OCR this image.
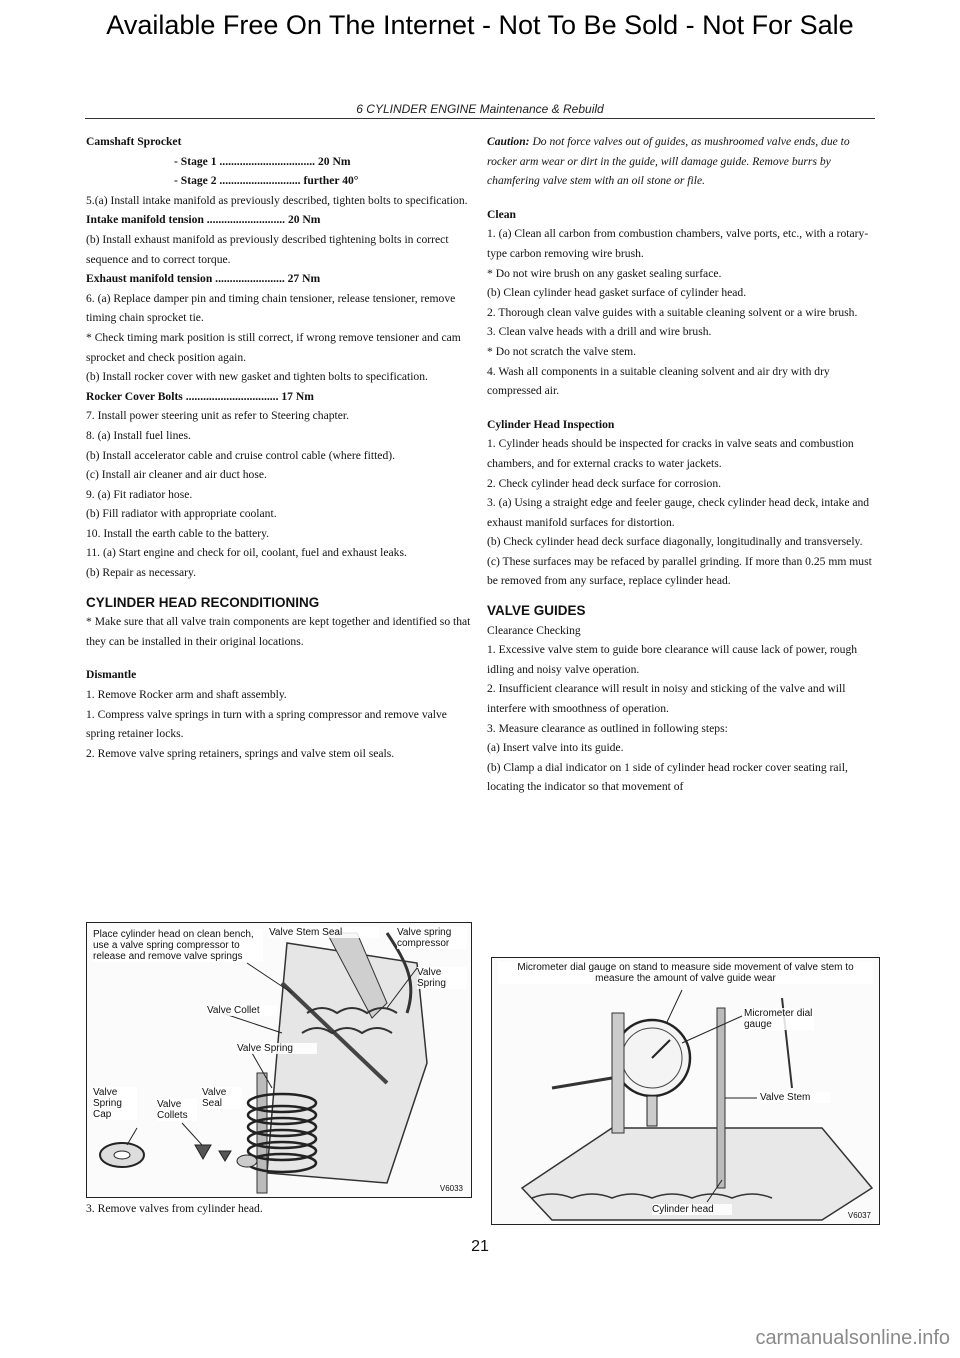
Available Free On The Internet - Not To Be Sold - Not For Sale
6 CYLINDER ENGINE Maintenance & Rebuild

Camshaft Sprocket

- Stage 1 ................................. 20 Nm

- Stage 2 ............................ further 40°

5.(a) Install intake manifold as previously described, tighten bolts to specification.

Intake manifold tension ........................... 20 Nm

(b) Install exhaust manifold as previously described tightening bolts in correct sequence and to correct torque.

Exhaust manifold tension ........................ 27 Nm

6. (a) Replace damper pin and timing chain tensioner, release tensioner, remove timing chain sprocket tie.

* Check timing mark position is still correct, if wrong remove tensioner and cam sprocket and check position again.

(b) Install rocker cover with new gasket and tighten bolts to specification.

Rocker Cover Bolts ................................ 17 Nm

7. Install power steering unit as refer to Steering chapter.

8. (a) Install fuel lines.

(b) Install accelerator cable and cruise control cable (where fitted).

(c) Install air cleaner and air duct hose.

9. (a) Fit radiator hose.

(b) Fill radiator with appropriate coolant.

10. Install the earth cable to the battery.

11. (a) Start engine and check for oil, coolant, fuel and exhaust leaks.

(b) Repair as necessary.

CYLINDER HEAD RECONDITIONING

* Make sure that all valve train components are kept together and identified so that they can be installed in their original locations.

Dismantle

1. Remove Rocker arm and shaft assembly.

1. Compress valve springs in turn with a spring compressor and remove valve spring retainer locks.

2. Remove valve spring retainers, springs and valve stem oil seals.

Place cylinder head on clean bench, use a valve spring compressor to release and remove valve springs
Valve Stem Seal	Valve spring compressor
Valve Spring
Valve Collet
Valve Spring
Valve Spring Cap
Valve Collets
Valve Seal
V6033

3. Remove valves from cylinder head.

Caution: Do not force valves out of guides, as mushroomed valve ends, due to rocker arm wear or dirt in the guide, will damage guide. Remove burrs by chamfering valve stem with an oil stone or file.

Clean

1. (a) Clean all carbon from combustion chambers, valve ports, etc., with a rotary-type carbon removing wire brush.

* Do not wire brush on any gasket sealing surface.

(b) Clean cylinder head gasket surface of cylinder head.

2. Thorough clean valve guides with a suitable cleaning solvent or a wire brush.

3. Clean valve heads with a drill and wire brush.

* Do not scratch the valve stem.

4. Wash all components in a suitable cleaning solvent and air dry with dry compressed air.

Cylinder Head Inspection

1. Cylinder heads should be inspected for cracks in valve seats and combustion chambers, and for external cracks to water jackets.

2. Check cylinder head deck surface for corrosion.

3. (a) Using a straight edge and feeler gauge, check cylinder head deck, intake and exhaust manifold surfaces for distortion.

(b) Check cylinder head deck surface diagonally, longitudinally and transversely.

(c) These surfaces may be refaced by parallel grinding. If more than 0.25 mm must be removed from any surface, replace cylinder head.

VALVE GUIDES

Clearance Checking

1. Excessive valve stem to guide bore clearance will cause lack of power, rough idling and noisy valve operation.

2. Insufficient clearance will result in noisy and sticking of the valve and will interfere with smoothness of operation.

3. Measure clearance as outlined in following steps:

(a) Insert valve into its guide.

(b) Clamp a dial indicator on 1 side of cylinder head rocker cover seating rail, locating the indicator so that movement of

Micrometer dial gauge on stand to measure side movement of valve stem to measure the amount of valve guide wear
Micrometer dial gauge
Valve Stem
Cylinder head
V6037
21
carmanualsonline.info
